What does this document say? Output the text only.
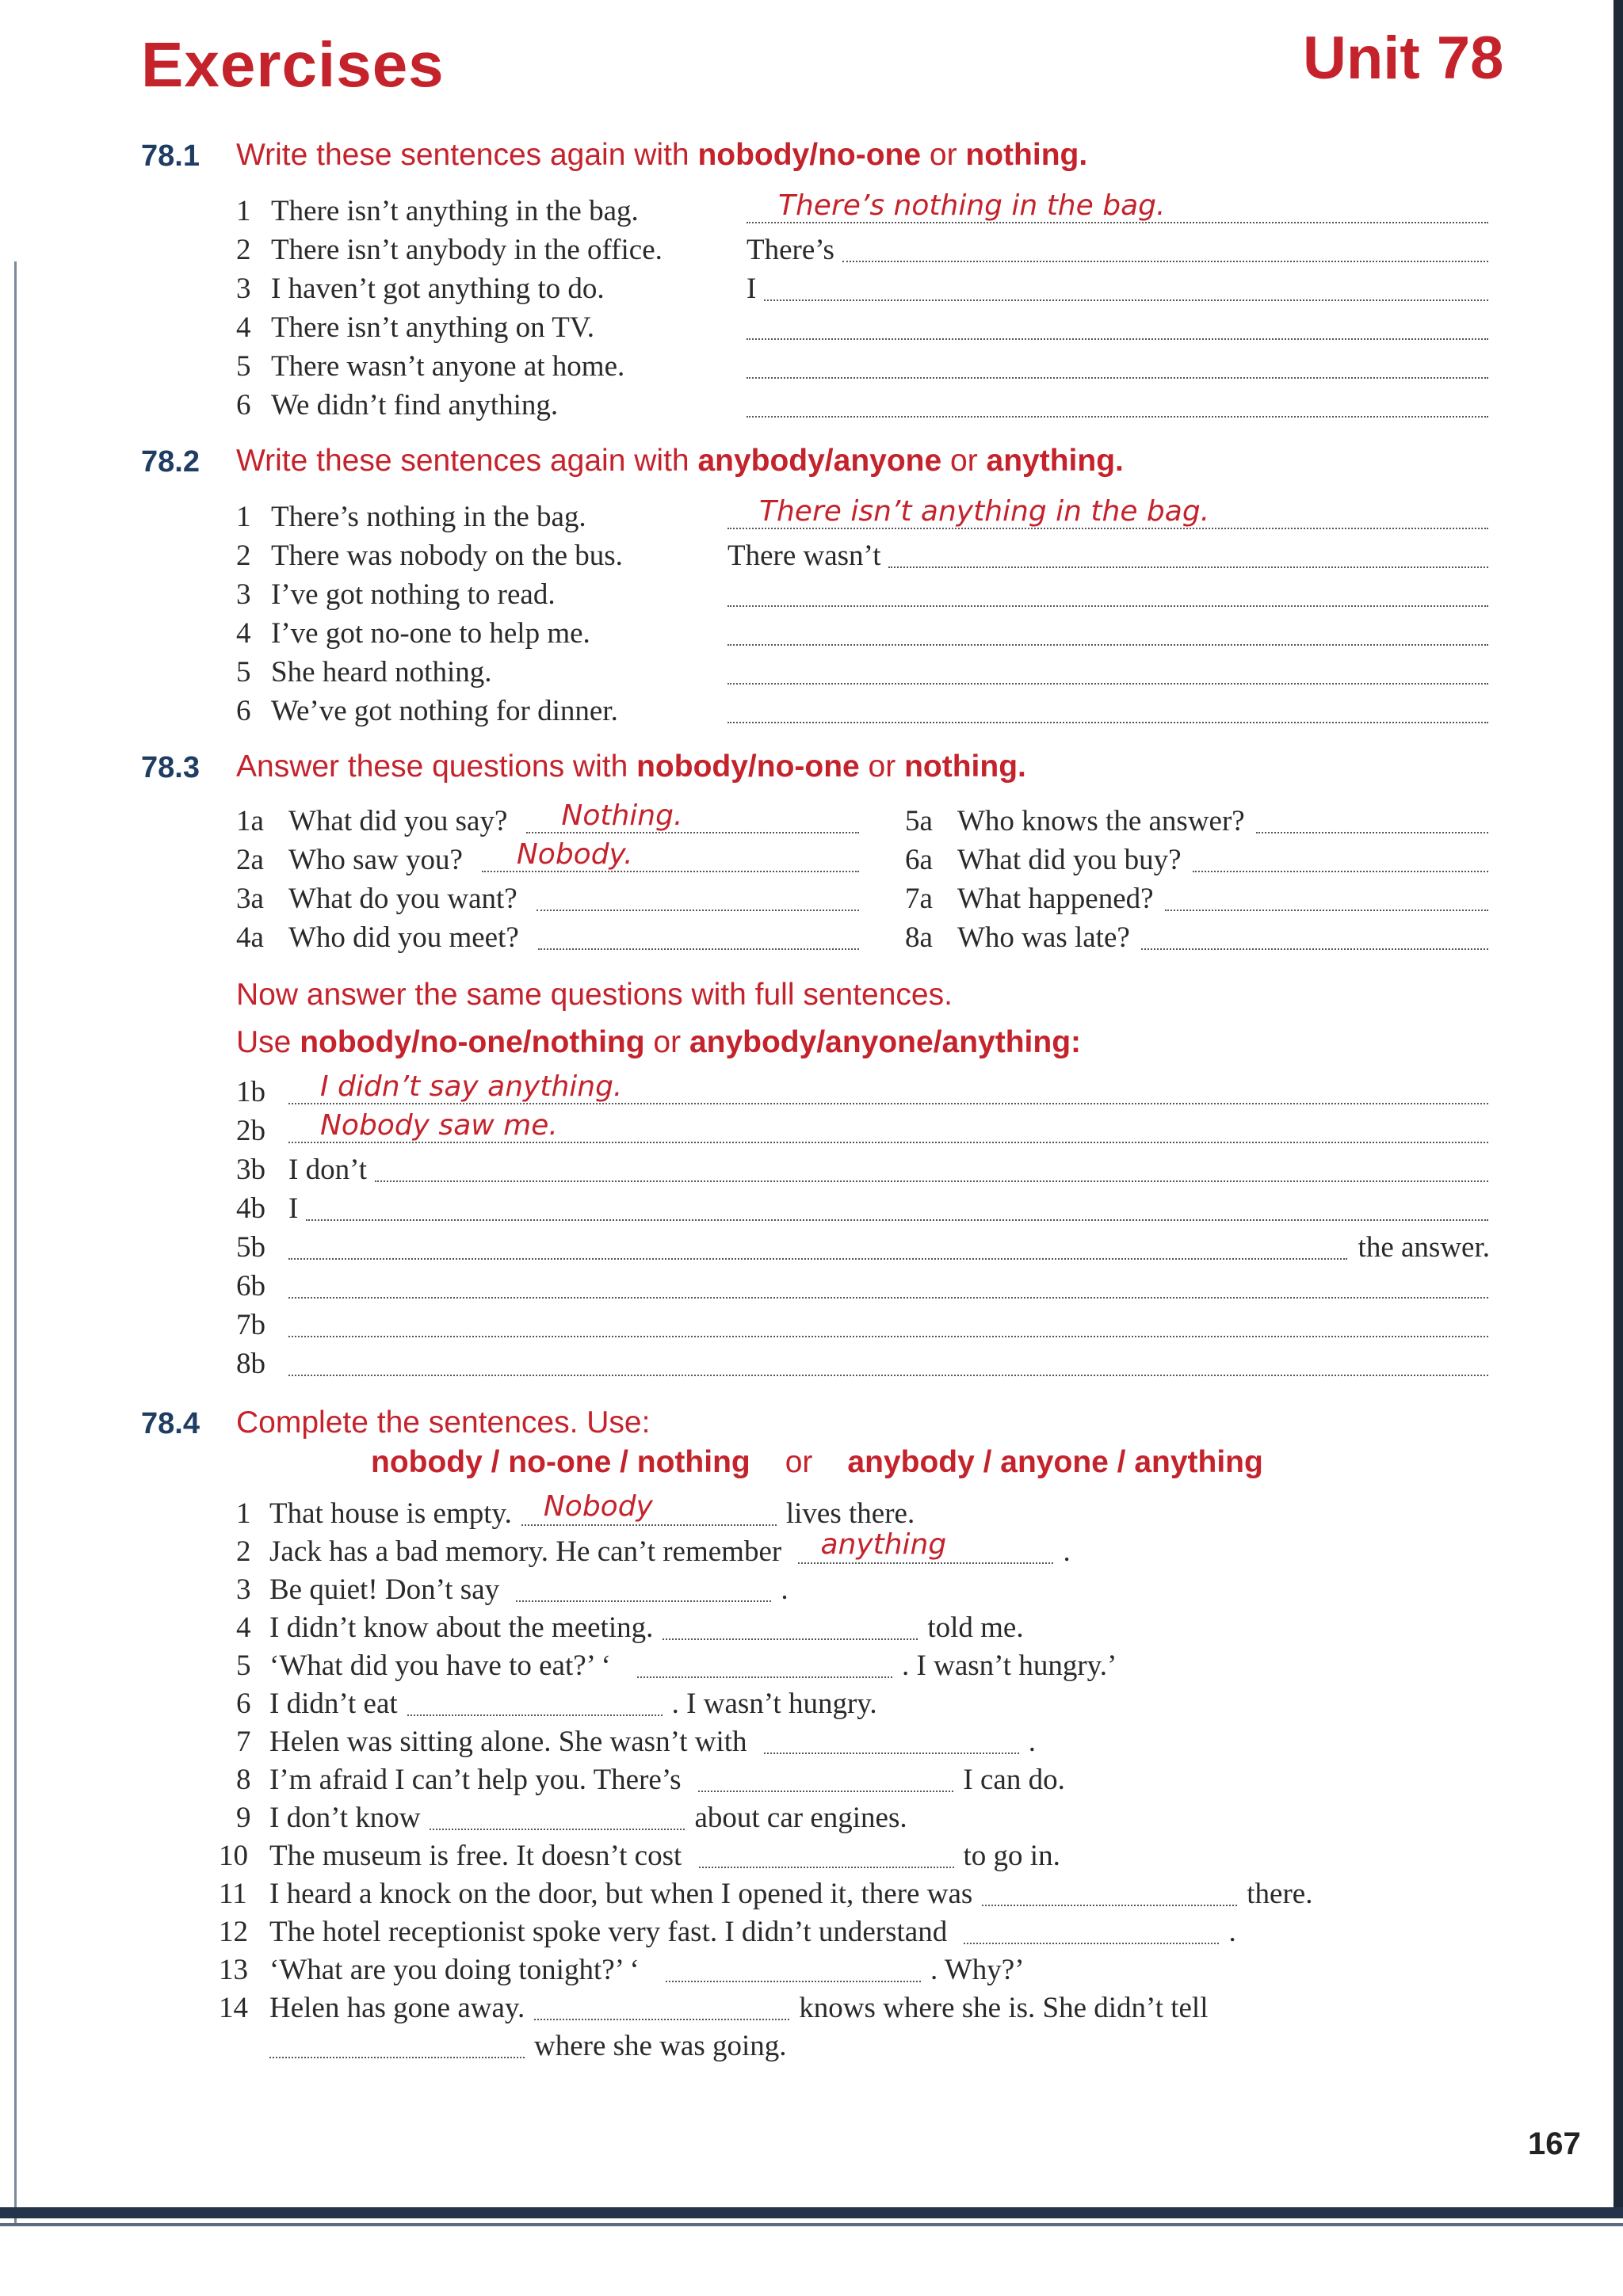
Exercises	Unit 78
78.1 Write these sentences again with nobody/no-one or nothing.
1 There isn’t anything in the bag.	There’s nothing in the bag.
2 There isn’t anybody in the office.	There’s
3 I haven’t got anything to do.	I
4 There isn’t anything on TV.
5 There wasn’t anyone at home.
6 We didn’t find anything.
78.2 Write these sentences again with anybody/anyone or anything.
1 There’s nothing in the bag.	There isn’t anything in the bag.
2 There was nobody on the bus.	There wasn’t
3 I’ve got nothing to read.
4 I’ve got no-one to help me.
5 She heard nothing.
6 We’ve got nothing for dinner.
78.3 Answer these questions with nobody/no-one or nothing.
1a What did you say? Nothing.
2a Who saw you? Nobody.
3a What do you want?
4a Who did you meet?
5a Who knows the answer?
6a What did you buy?
7a What happened?
8a Who was late?
Now answer the same questions with full sentences.
Use nobody/no-one/nothing or anybody/anyone/anything:
1b I didn’t say anything.
2b Nobody saw me.
3b I don’t
4b I
5b	the answer.
6b
7b
8b
78.4 Complete the sentences. Use:
nobody / no-one / nothing or anybody / anyone / anything
1 That house is empty. Nobody	lives there.
2 Jack has a bad memory. He can’t remember anything	.
3 Be quiet! Don’t say	.
4 I didn’t know about the meeting.	told me.
5 ‘What did you have to eat?’ ‘	. I wasn’t hungry.’
6 I didn’t eat	. I wasn’t hungry.
7 Helen was sitting alone. She wasn’t with	.
8 I’m afraid I can’t help you. There’s	I can do.
9 I don’t know	about car engines.
10 The museum is free. It doesn’t cost	to go in.
11 I heard a knock on the door, but when I opened it, there was	there.
12 The hotel receptionist spoke very fast. I didn’t understand	.
13 ‘What are you doing tonight?’ ‘	. Why?’
14 Helen has gone away.	knows where she is. She didn’t tell
where she was going.
167
